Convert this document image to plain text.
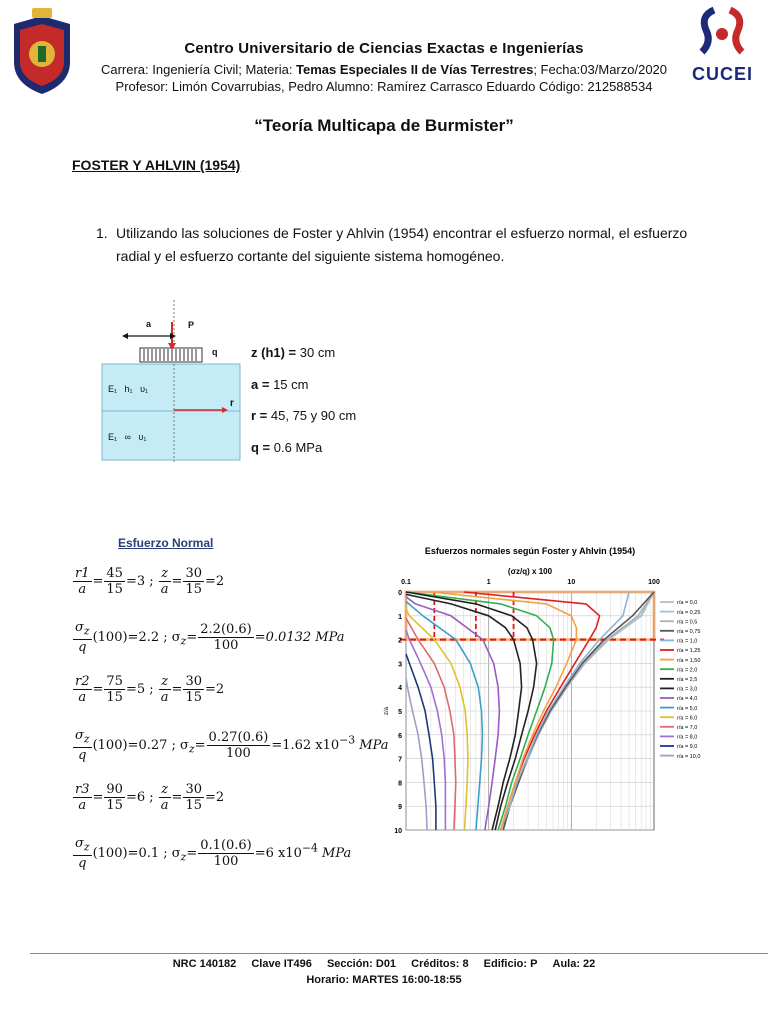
CUCEI
Centro Universitario de Ciencias Exactas e Ingenierías
Carrera: Ingeniería Civil; Materia: Temas Especiales II de Vías Terrestres; Fecha:03/Marzo/2020
Profesor: Limón Covarrubias, Pedro Alumno: Ramírez Carrasco Eduardo Código: 212588534
“Teoría Multicapa de Burmister”
FOSTER Y AHLVIN (1954)
1. Utilizando las soluciones de Foster y Ahlvin (1954) encontrar el esfuerzo normal, el esfuerzo radial y el esfuerzo cortante del siguiente sistema homogéneo.
a	P
q
r
E₁   h₁   υ₁
E₁   ∞   υ₁
z (h1) = 30 cm
a = 15 cm
r = 45, 75 y 90 cm
q = 0.6 MPa
Esfuerzo Normal
$\frac{r1}{a} = \frac{45}{15} =3$ ; $\frac{z}{a} = \frac{30}{15} =2$
$\frac{\sigma_z}{q} (100)=2.2$ ; $\sigma_z= \frac{2.2(0.6)}{100} =0.0132$ MPa
$\frac{r2}{a} = \frac{75}{15} =5$ ; $\frac{z}{a} = \frac{30}{15} =2$
$\frac{\sigma_z}{q} (100)=0.27$ ; $\sigma_z= \frac{0.27(0.6)}{100} =1.62$ $x10^{-3}$ MPa
$\frac{r3}{a} = \frac{90}{15} =6$ ; $\frac{z}{a} = \frac{30}{15} =2$
$\frac{\sigma_z}{q} (100)=0.1$ ; $\sigma_z= \frac{0.1(0.6)}{100} =6$ $x10^{-4}$ MPa
Esfuerzos normales según Foster y Ahlvin (1954)
(σz/q) x 100
z/a
0.1	1	10	100
0
1
2
3
4
5
6
7
8
9
10
r/a = 0,0
r/a = 0,25
r/a = 0,5
r/a = 0,75
r/a = 1,0
r/a = 1,25
r/a = 1,50
r/a = 2,0
r/a = 2,5
r/a = 3,0
r/a = 4,0
r/a = 5,0
r/a = 6,0
r/a = 7,0
r/a = 8,0
r/a = 9,0
r/a = 10,0
NRC 140182 Clave IT496 Sección: D01 Créditos: 8 Edificio: P Aula: 22
Horario: MARTES 16:00-18:55
